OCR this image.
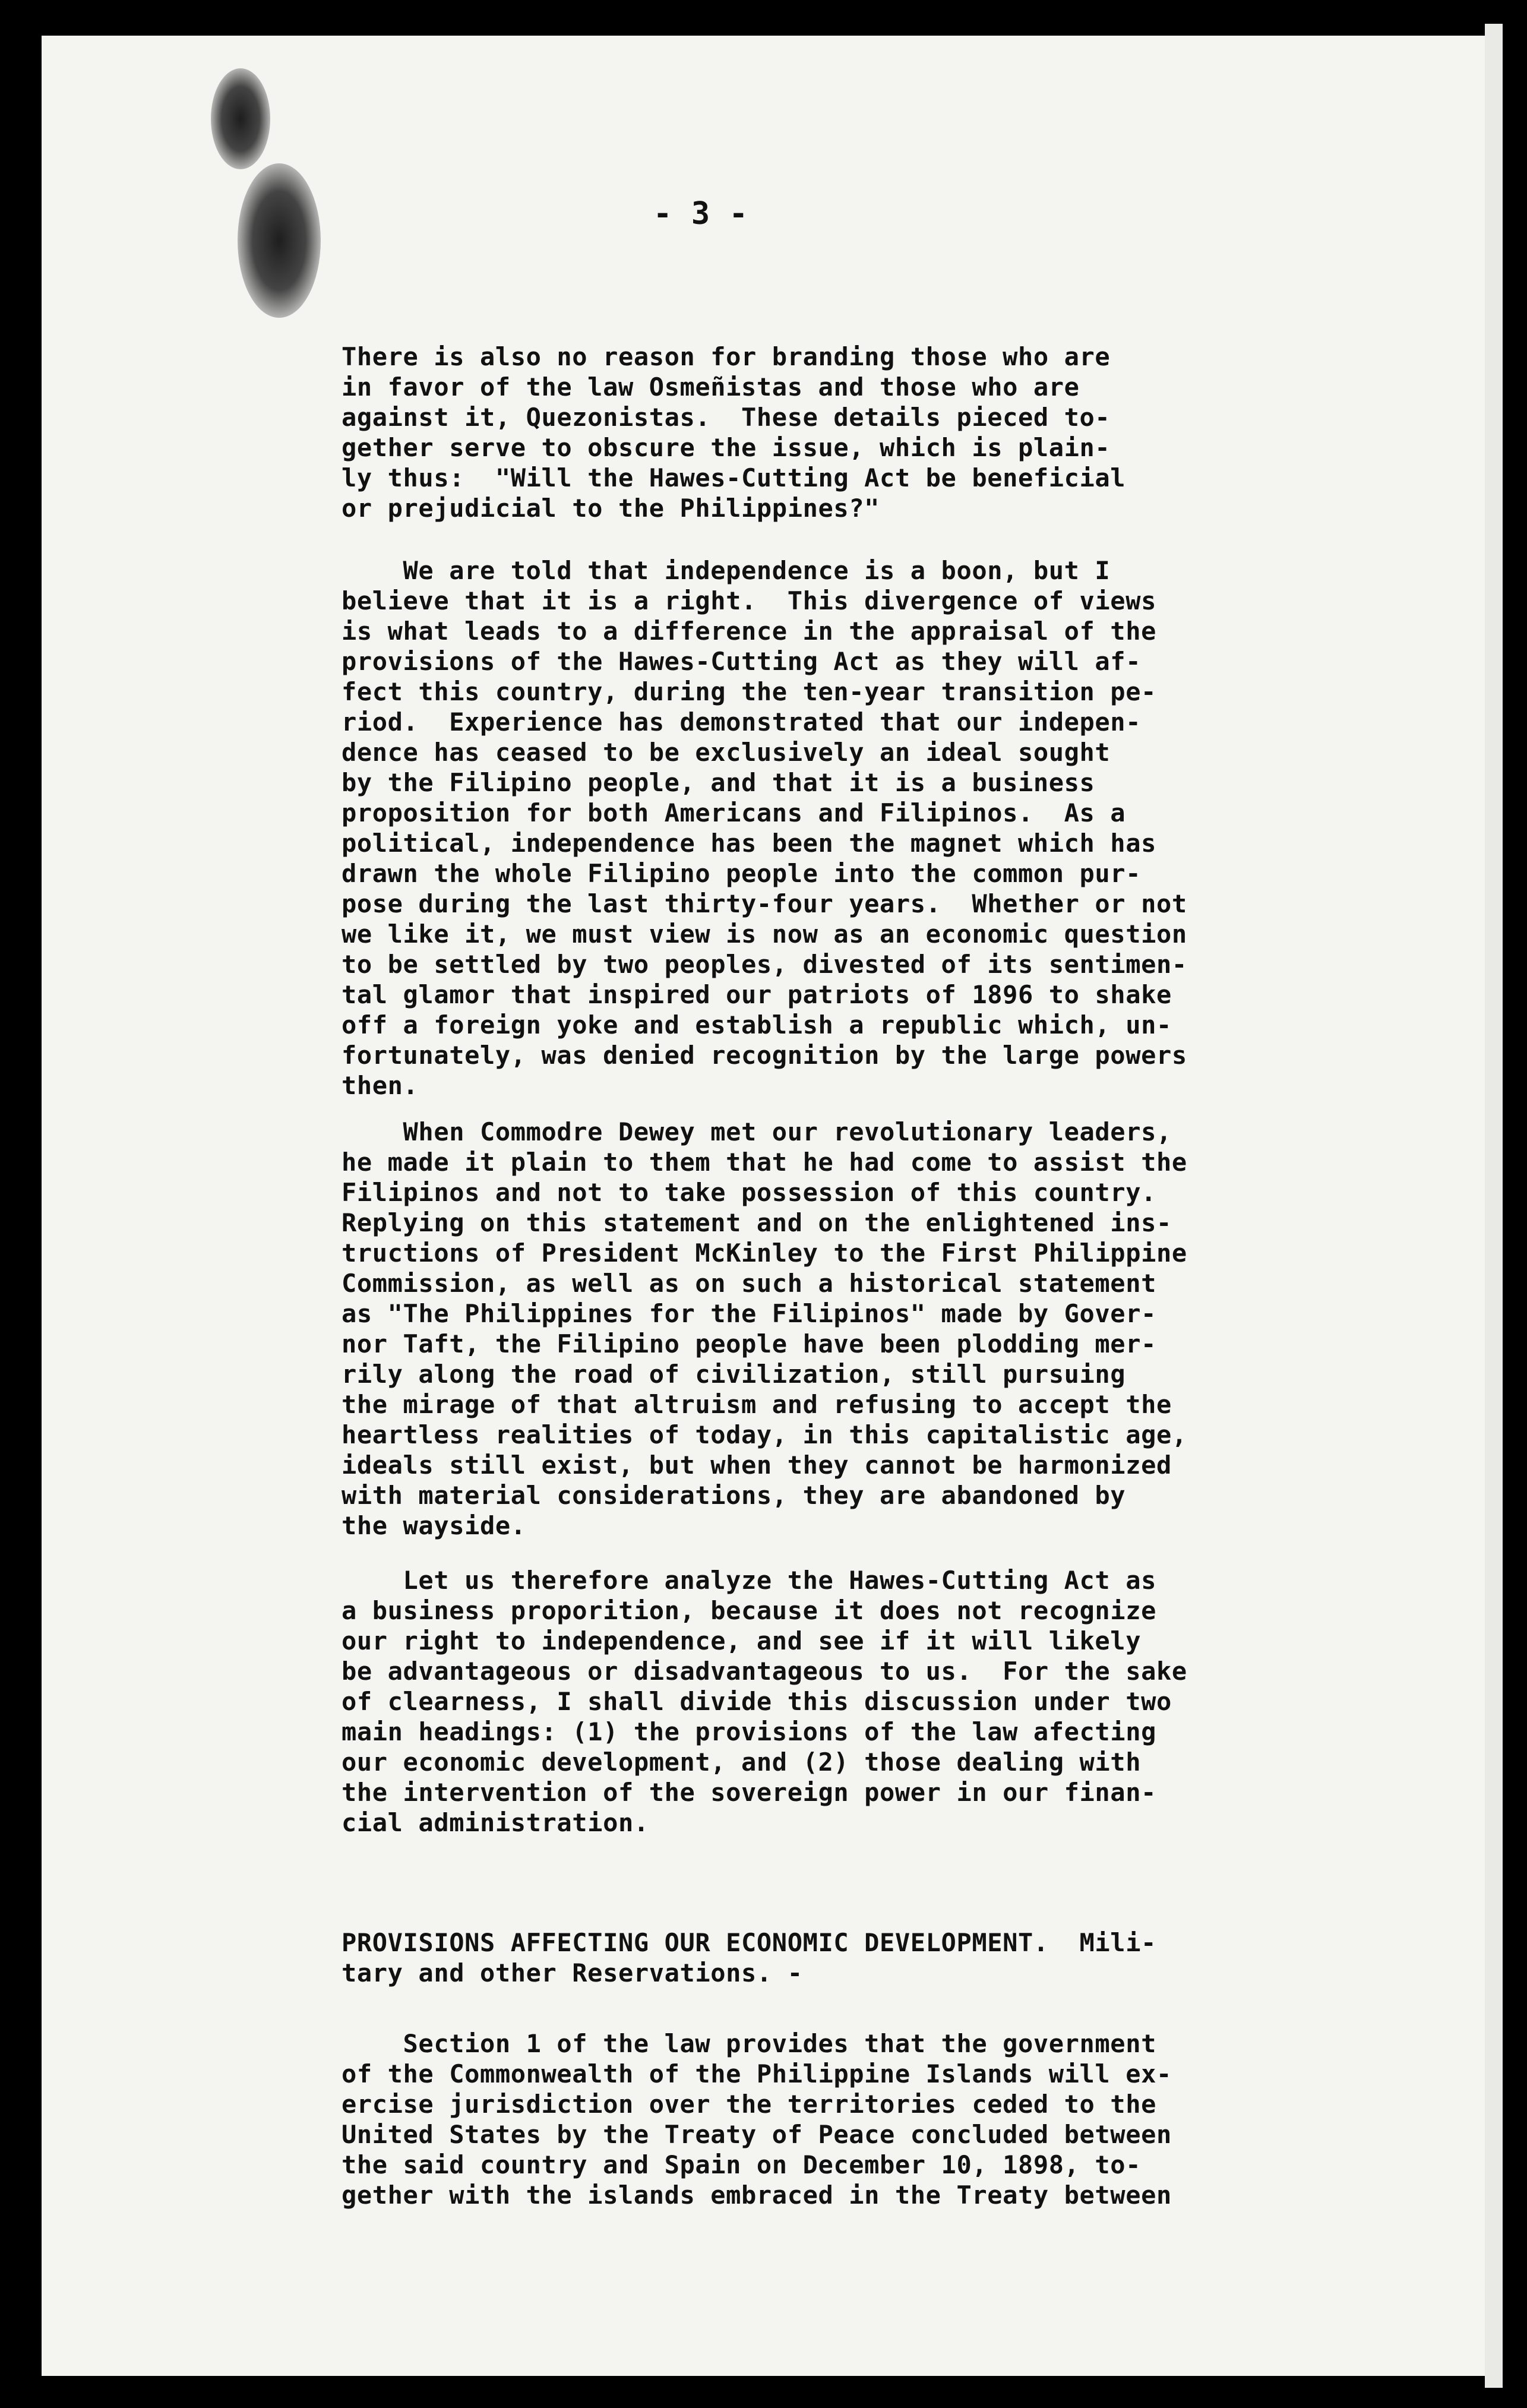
- 3 -
There is also no reason for branding those who are
in favor of the law Osmeñistas and those who are
against it, Quezonistas.  These details pieced to-
gether serve to obscure the issue, which is plain-
ly thus:  "Will the Hawes-Cutting Act be beneficial
or prejudicial to the Philippines?"
We are told that independence is a boon, but I
believe that it is a right.  This divergence of views
is what leads to a difference in the appraisal of the
provisions of the Hawes-Cutting Act as they will af-
fect this country, during the ten-year transition pe-
riod.  Experience has demonstrated that our indepen-
dence has ceased to be exclusively an ideal sought
by the Filipino people, and that it is a business
proposition for both Americans and Filipinos.  As a
political, independence has been the magnet which has
drawn the whole Filipino people into the common pur-
pose during the last thirty-four years.  Whether or not
we like it, we must view is now as an economic question
to be settled by two peoples, divested of its sentimen-
tal glamor that inspired our patriots of 1896 to shake
off a foreign yoke and establish a republic which, un-
fortunately, was denied recognition by the large powers
then.
When Commodre Dewey met our revolutionary leaders,
he made it plain to them that he had come to assist the
Filipinos and not to take possession of this country.
Replying on this statement and on the enlightened ins-
tructions of President McKinley to the First Philippine
Commission, as well as on such a historical statement
as "The Philippines for the Filipinos" made by Gover-
nor Taft, the Filipino people have been plodding mer-
rily along the road of civilization, still pursuing
the mirage of that altruism and refusing to accept the
heartless realities of today, in this capitalistic age,
ideals still exist, but when they cannot be harmonized
with material considerations, they are abandoned by
the wayside.
Let us therefore analyze the Hawes-Cutting Act as
a business proporition, because it does not recognize
our right to independence, and see if it will likely
be advantageous or disadvantageous to us.  For the sake
of clearness, I shall divide this discussion under two
main headings: (1) the provisions of the law afecting
our economic development, and (2) those dealing with
the intervention of the sovereign power in our finan-
cial administration.
PROVISIONS AFFECTING OUR ECONOMIC DEVELOPMENT.  Mili-
tary and other Reservations. -
Section 1 of the law provides that the government
of the Commonwealth of the Philippine Islands will ex-
ercise jurisdiction over the territories ceded to the
United States by the Treaty of Peace concluded between
the said country and Spain on December 10, 1898, to-
gether with the islands embraced in the Treaty between
